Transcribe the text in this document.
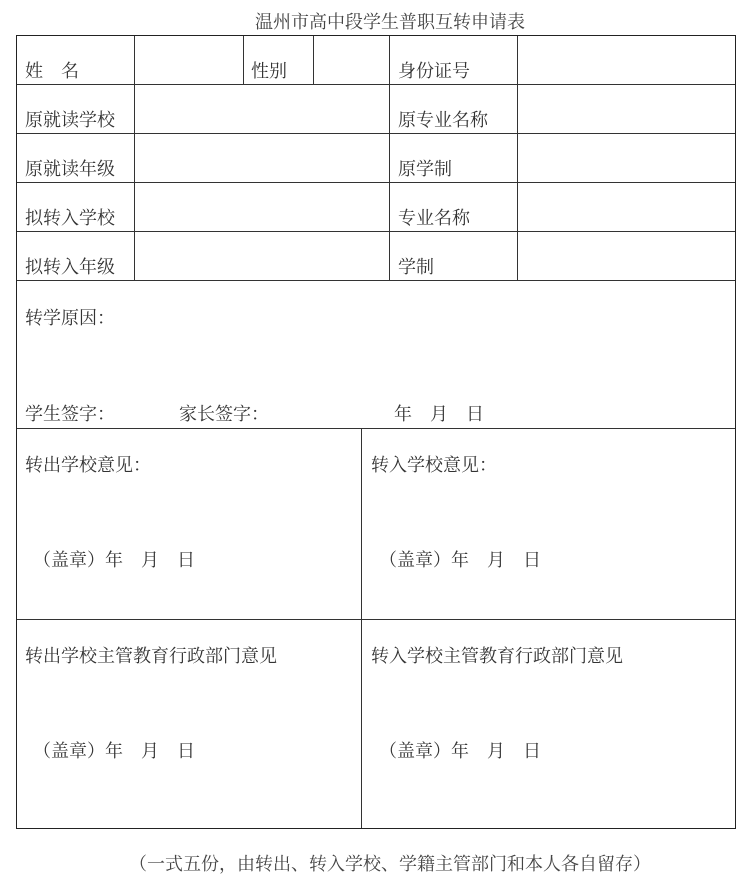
温州市高中段学生普职互转申请表
姓　名	性别	身份证号
原就读学校	原专业名称
原就读年级	原学制
拟转入学校	专业名称
拟转入年级	学制
转学原因：
学生签字：	家长签字：	年　月　日
转出学校意见：	转入学校意见：
（盖章）年　月　日	（盖章）年　月　日
转出学校主管教育行政部门意见	转入学校主管教育行政部门意见
（盖章）年　月　日	（盖章）年　月　日
（一式五份，由转出、转入学校、学籍主管部门和本人各自留存）
